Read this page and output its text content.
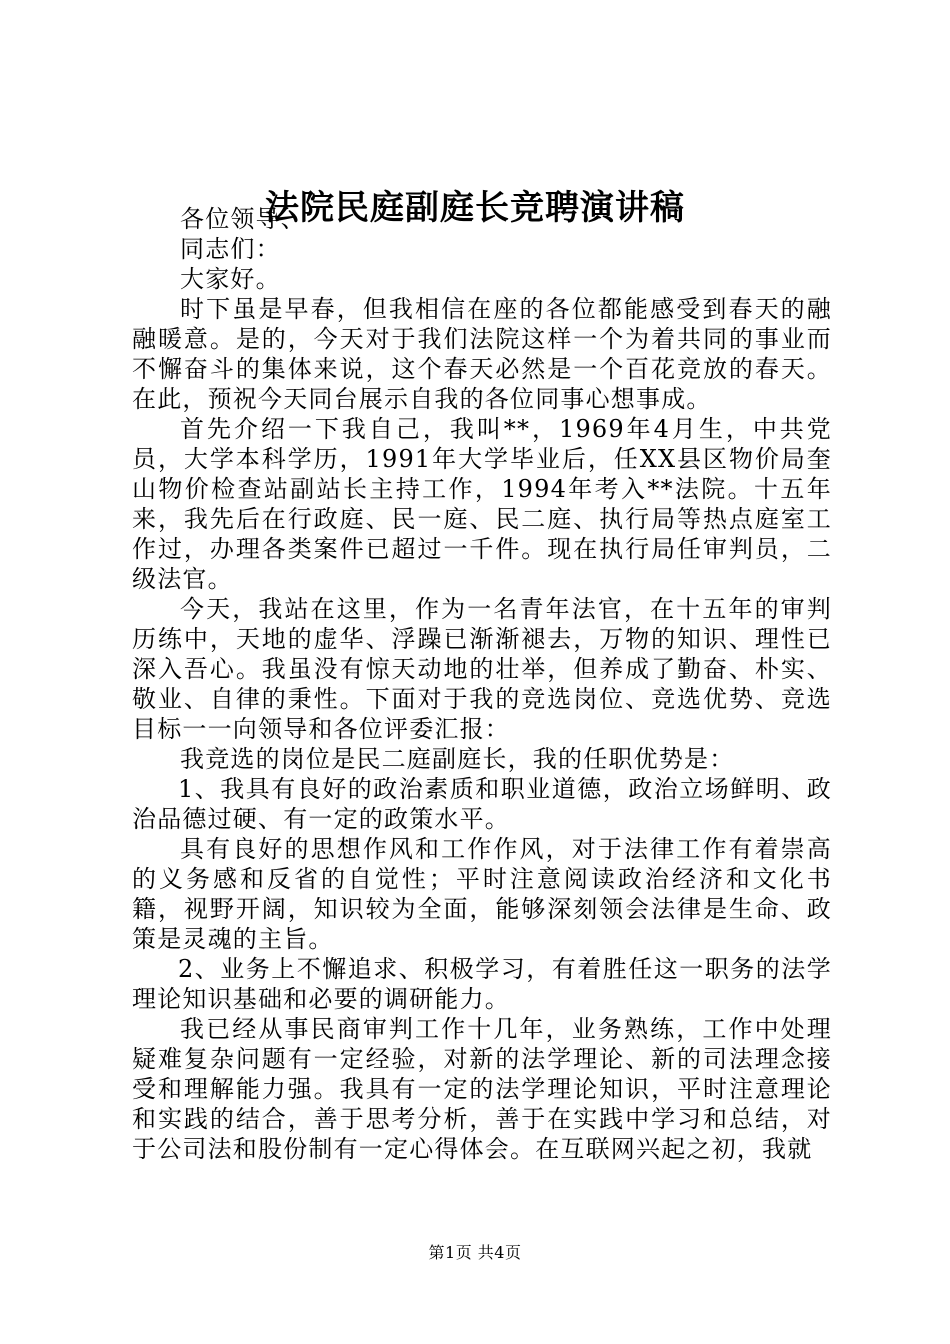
法院民庭副庭长竞聘演讲稿

各位领导、

同志们：

大家好。

时下虽是早春，但我相信在座的各位都能感受到春天的融融暖意。是的，今天对于我们法院这样一个为着共同的事业而不懈奋斗的集体来说，这个春天必然是一个百花竞放的春天。在此，预祝今天同台展示自我的各位同事心想事成。

首先介绍一下我自己，我叫**，1969年4月生，中共党员，大学本科学历，1991年大学毕业后，任XX县区物价局奎山物价检查站副站长主持工作，1994年考入**法院。十五年来，我先后在行政庭、民一庭、民二庭、执行局等热点庭室工作过，办理各类案件已超过一千件。现在执行局任审判员，二级法官。

今天，我站在这里，作为一名青年法官，在十五年的审判历练中，天地的虚华、浮躁已渐渐褪去，万物的知识、理性已深入吾心。我虽没有惊天动地的壮举，但养成了勤奋、朴实、敬业、自律的秉性。下面对于我的竞选岗位、竞选优势、竞选目标一一向领导和各位评委汇报：

我竞选的岗位是民二庭副庭长，我的任职优势是：

1、我具有良好的政治素质和职业道德，政治立场鲜明、政治品德过硬、有一定的政策水平。

具有良好的思想作风和工作作风，对于法律工作有着崇高的义务感和反省的自觉性；平时注意阅读政治经济和文化书籍，视野开阔，知识较为全面，能够深刻领会法律是生命、政策是灵魂的主旨。

2、业务上不懈追求、积极学习，有着胜任这一职务的法学理论知识基础和必要的调研能力。

我已经从事民商审判工作十几年，业务熟练，工作中处理疑难复杂问题有一定经验，对新的法学理论、新的司法理念接受和理解能力强。我具有一定的法学理论知识，平时注意理论和实践的结合，善于思考分析，善于在实践中学习和总结，对于公司法和股份制有一定心得体会。在互联网兴起之初，我就

第1页 共4页
